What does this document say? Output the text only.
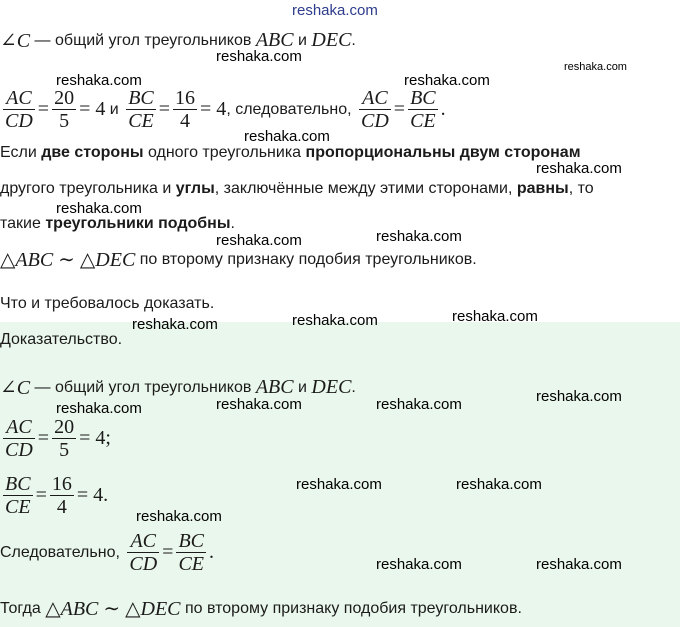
reshaka.com
∠C — общий угол треугольников ABC и DEC .
$\frac{AC}{CD} = \frac{20}{5} = 4$ и $\frac{BC}{CE} = \frac{16}{4} = 4$ , следовательно, $\frac{AC}{CD} = \frac{BC}{CE}$ .
Если две стороны одного треугольника пропорциональны двум сторонам
другого треугольника и углы, заключённые между этими сторонами, равны, то
такие треугольники подобны.
△ABC ∼ △DEC по второму признаку подобия треугольников.
Что и требовалось доказать.
Доказательство.
∠C — общий угол треугольников ABC и DEC .
$\frac{AC}{CD} = \frac{20}{5} = 4$;
$\frac{BC}{CE} = \frac{16}{4} = 4$.
Следовательно, $\frac{AC}{CD} = \frac{BC}{CE}$ .
Тогда △ABC ∼ △DEC по второму признаку подобия треугольников.
reshaka.com
reshaka.com	reshaka.com
reshaka.com
reshaka.com
reshaka.com
reshaka.com
reshaka.com	reshaka.com
reshaka.com
reshaka.com	reshaka.com
reshaka.com	reshaka.com	reshaka.com	reshaka.com
reshaka.com	reshaka.com
reshaka.com
reshaka.com	reshaka.com
